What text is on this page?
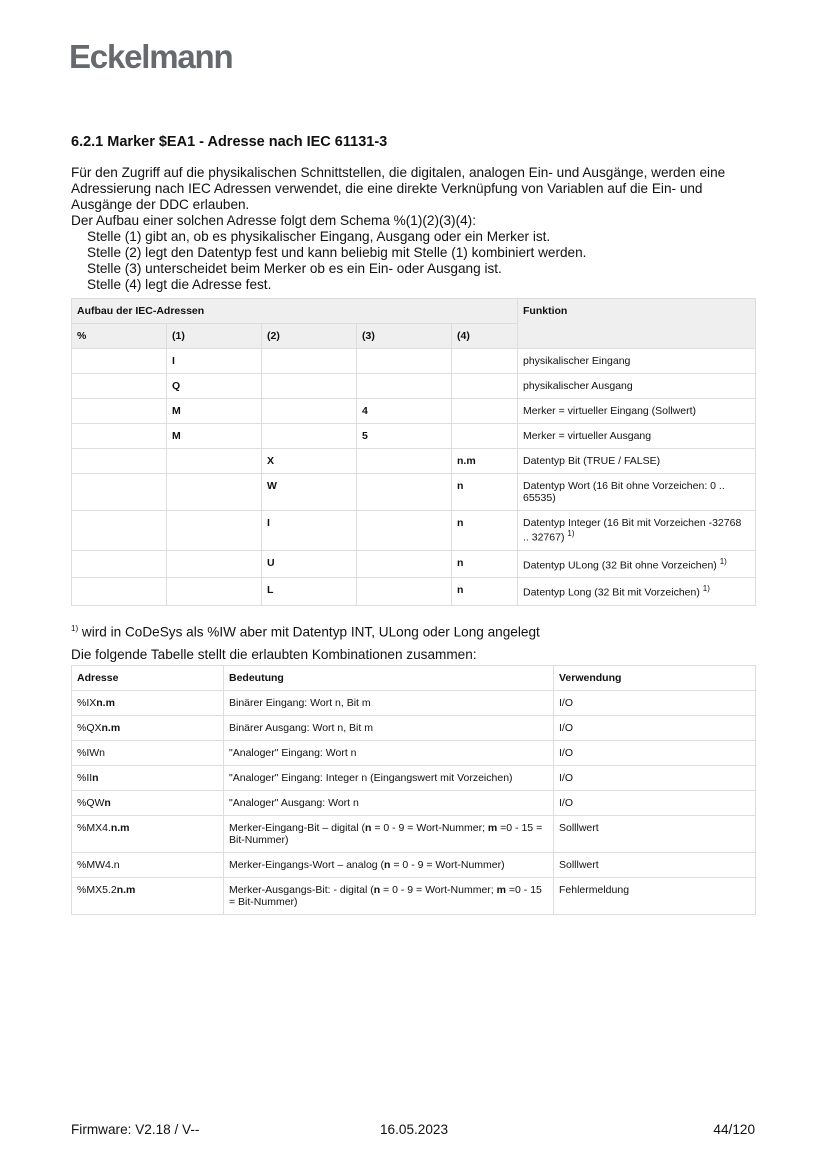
Eckelmann
6.2.1 Marker $EA1 - Adresse nach IEC 61131-3

Für den Zugriff auf die physikalischen Schnittstellen, die digitalen, analogen Ein- und Ausgänge, werden eine Adressierung nach IEC Adressen verwendet, die eine direkte Verknüpfung von Variablen auf die Ein- und Ausgänge der DDC erlauben.

Der Aufbau einer solchen Adresse folgt dem Schema %(1)(2)(3)(4):

Stelle (1) gibt an, ob es physikalischer Eingang, Ausgang oder ein Merker ist.

Stelle (2) legt den Datentyp fest und kann beliebig mit Stelle (1) kombiniert werden.

Stelle (3) unterscheidet beim Merker ob es ein Ein- oder Ausgang ist.

Stelle (4) legt die Adresse fest.

Aufbau der IEC-Adressen					Funktion
%	(1)	(2)	(3)	(4)	
	I				physikalischer Eingang
	Q				physikalischer Ausgang
	M		4		Merker = virtueller Eingang (Sollwert)
	M		5		Merker = virtueller Ausgang
		X		n.m	Datentyp Bit (TRUE / FALSE)
		W		n	Datentyp Wort (16 Bit ohne Vorzeichen: 0 .. 65535)
		I		n	Datentyp Integer (16 Bit mit Vorzeichen -32768 .. 32767) $^{1)}$
		U		n	Datentyp ULong (32 Bit ohne Vorzeichen) $^{1)}$
		L		n	Datentyp Long (32 Bit mit Vorzeichen) $^{1)}$
$^{1)}$ wird in CoDeSys als %IW aber mit Datentyp INT, ULong oder Long angelegt
Die folgende Tabelle stellt die erlaubten Kombinationen zusammen:
Adresse	Bedeutung	Verwendung
%IXn.m	Binärer Eingang: Wort n, Bit m	I/O
%QXn.m	Binärer Ausgang: Wort n, Bit m	I/O
%IWn	"Analoger" Eingang: Wort n	I/O
%IIn	"Analoger" Eingang: Integer n (Eingangswert mit Vorzeichen)	I/O
%QWn	"Analoger" Ausgang: Wort n	I/O
%MX4.n.m	Merker-Eingang-Bit – digital (n = 0 - 9 = Wort-Nummer; m =0 - 15 = Bit-Nummer)	Solllwert
%MW4.n	Merker-Eingangs-Wort – analog (n = 0 - 9 = Wort-Nummer)	Solllwert
%MX5.2n.m	Merker-Ausgangs-Bit: - digital (n = 0 - 9 = Wort-Nummer; m =0 - 15 = Bit-Nummer)	Fehlermeldung
Firmware: V2.18 / V--	16.05.2023	44/120
